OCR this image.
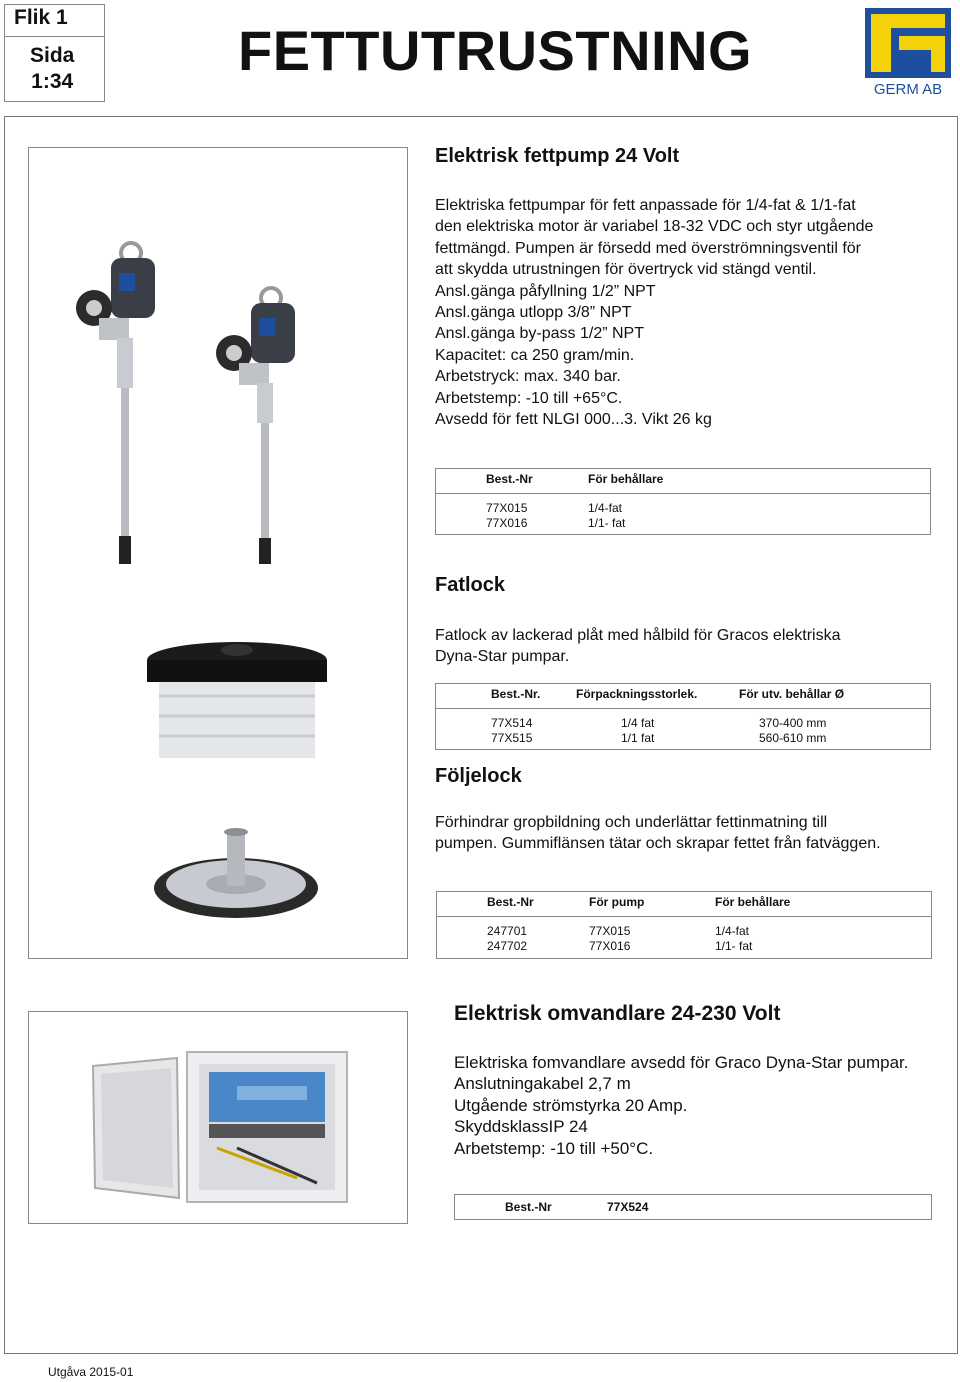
Flik 1
Sida
1:34	FETTUTRUSTNING
GERM AB
Elektrisk fettpump 24 Volt
Elektriska fettpumpar för fett anpassade för 1/4-fat & 1/1-fat
den elektriska motor är variabel 18-32 VDC och styr utgående
fettmängd. Pumpen är försedd med överströmningsventil för
att skydda utrustningen för övertryck vid stängd ventil.
Ansl.gänga påfyllning 1/2” NPT
Ansl.gänga utlopp 3/8” NPT
Ansl.gänga by-pass 1/2” NPT
Kapacitet: ca 250 gram/min.
Arbetstryck: max. 340 bar.
Arbetstemp: -10 till +65°C.
Avsedd för fett NLGI 000...3. Vikt 26 kg
Best.-Nr	För behållare
77X015	1/4-fat
77X016	1/1- fat
Fatlock
Fatlock av lackerad plåt med hålbild för Gracos elektriska
Dyna-Star pumpar.
Best.-Nr.	Förpackningsstorlek.	För utv. behållar Ø
77X514	1/4 fat	370-400 mm
77X515	1/1 fat	560-610 mm
Följelock
Förhindrar gropbildning och underlättar fettinmatning till
pumpen. Gummiflänsen tätar och skrapar fettet från fatväggen.
Best.-Nr	För pump	För behållare
247701	77X015	1/4-fat
247702	77X016	1/1- fat
Elektrisk omvandlare 24-230 Volt
Elektriska fomvandlare avsedd för Graco Dyna-Star pumpar.
Anslutningakabel 2,7 m
Utgående strömstyrka 20 Amp.
SkyddsklassIP 24
Arbetstemp: -10 till +50°C.
Best.-Nr	77X524
Utgåva 2015-01
